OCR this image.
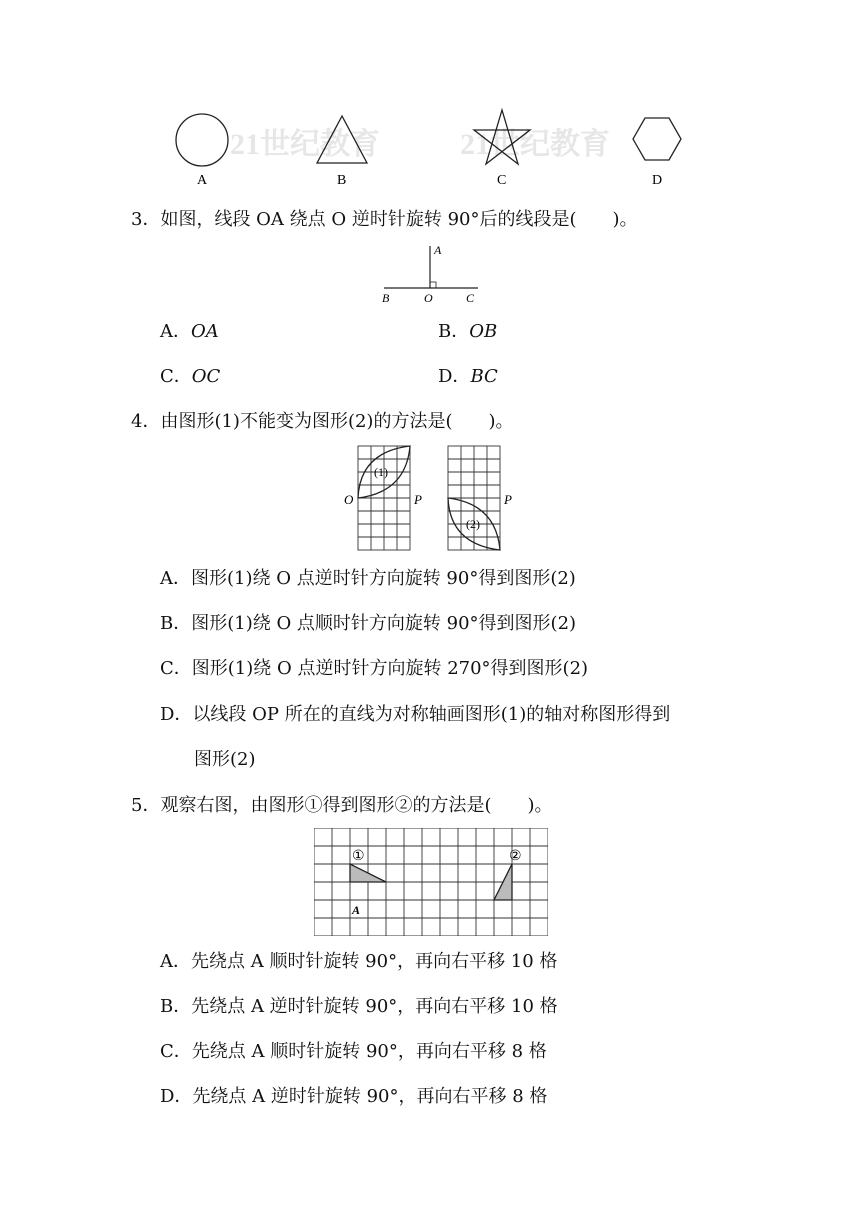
21世纪教育	21世纪教育
A	B	C	D
3．如图，线段 OA 绕点 O 逆时针旋转 90°后的线段是(　　)。
A
B	O	C
A．OA	B．OB
C．OC	D．BC
4．由图形(1)不能变为图形(2)的方法是(　　)。
(1)
O	P
(2)
P
A．图形(1)绕 O 点逆时针方向旋转 90°得到图形(2)
B．图形(1)绕 O 点顺时针方向旋转 90°得到图形(2)
C．图形(1)绕 O 点逆时针方向旋转 270°得到图形(2)
D．以线段 OP 所在的直线为对称轴画图形(1)的轴对称图形得到
图形(2)
5．观察右图，由图形①得到图形②的方法是(　　)。
①	②
A
A．先绕点 A 顺时针旋转 90°，再向右平移 10 格
B．先绕点 A 逆时针旋转 90°，再向右平移 10 格
C．先绕点 A 顺时针旋转 90°，再向右平移 8 格
D．先绕点 A 逆时针旋转 90°，再向右平移 8 格
